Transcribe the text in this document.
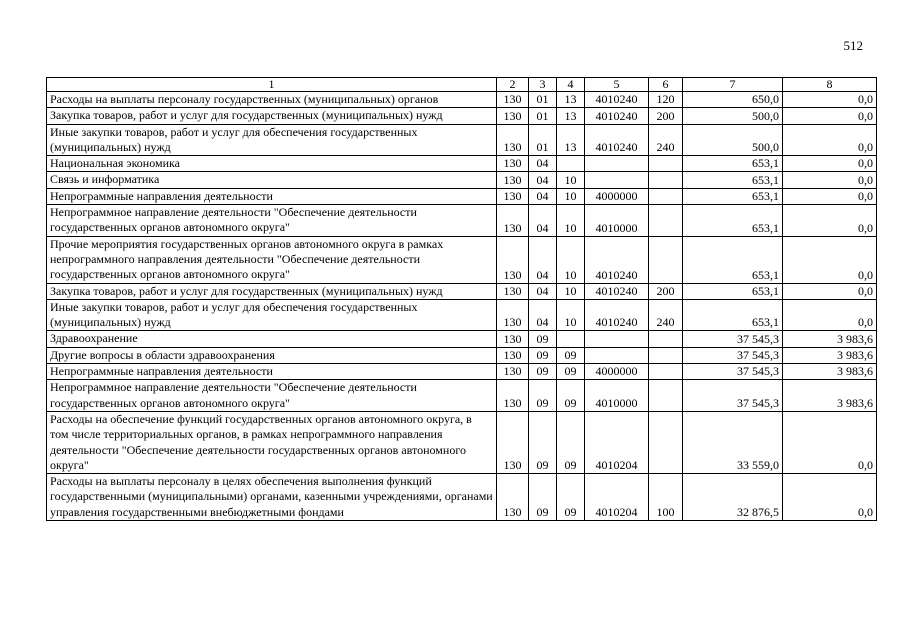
512
1	2	3	4	5	6	7	8
Расходы на выплаты персоналу государственных (муниципальных) органов	130	01	13	4010240	120	650,0	0,0
Закупка товаров, работ и услуг для государственных (муниципальных) нужд	130	01	13	4010240	200	500,0	0,0
Иные закупки товаров, работ и услуг для обеспечения государственных (муниципальных) нужд	130	01	13	4010240	240	500,0	0,0
Национальная экономика	130	04				653,1	0,0
Связь и информатика	130	04	10			653,1	0,0
Непрограммные направления деятельности	130	04	10	4000000		653,1	0,0
Непрограммное направление деятельности "Обеспечение деятельности государственных органов автономного округа"	130	04	10	4010000		653,1	0,0
Прочие мероприятия государственных органов автономного округа в рамках непрограммного направления деятельности "Обеспечение деятельности государственных органов автономного округа"	130	04	10	4010240		653,1	0,0
Закупка товаров, работ и услуг для государственных (муниципальных) нужд	130	04	10	4010240	200	653,1	0,0
Иные закупки товаров, работ и услуг для обеспечения государственных (муниципальных) нужд	130	04	10	4010240	240	653,1	0,0
Здравоохранение	130	09				37 545,3	3 983,6
Другие вопросы в области здравоохранения	130	09	09			37 545,3	3 983,6
Непрограммные направления деятельности	130	09	09	4000000		37 545,3	3 983,6
Непрограммное направление деятельности "Обеспечение деятельности государственных органов автономного округа"	130	09	09	4010000		37 545,3	3 983,6
Расходы на обеспечение функций государственных органов автономного округа, в том числе территориальных органов, в рамках непрограммного направления деятельности "Обеспечение деятельности государственных органов автономного округа"	130	09	09	4010204		33 559,0	0,0
Расходы на выплаты персоналу в целях обеспечения выполнения функций государственными (муниципальными) органами, казенными учреждениями, органами управления государственными внебюджетными фондами	130	09	09	4010204	100	32 876,5	0,0
